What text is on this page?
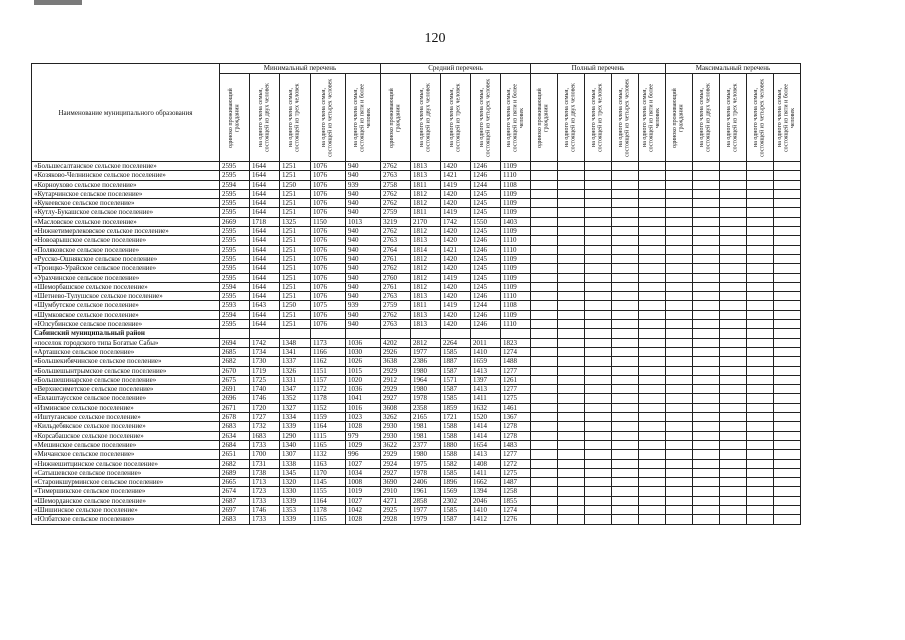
120
Наименование муниципального образования	Минимальный перечень					Средний перечень					Полный перечень					Максимальный перечень				

	одиноко проживающий гражданин	на одного члена семьи, состоящей из двух человек	на одного члена семьи, состоящей из трех человек	на одного члена семьи, состоящей из четырех человек	на одного члена семьи, состоящей из пяти и более человек	одиноко проживающий гражданин	на одного члена семьи, состоящей из двух человек	на одного члена семьи, состоящей из трех человек	на одного члена семьи, состоящей из четырех человек	на одного члена семьи, состоящей из пяти и более человек	одиноко проживающий гражданин	на одного члена семьи, состоящей из двух человек	на одного члена семьи, состоящей из трех человек	на одного члена семьи, состоящей из четырех человек	на одного члена семьи, состоящей из пяти и более человек	одиноко проживающий гражданин	на одного члена семьи, состоящей из двух человек	на одного члена семьи, состоящей из трех человек	на одного члена семьи, состоящей из четырех человек	на одного члена семьи, состоящей из пяти и более человек

«Большесалтанское сельское поселение»	2595	1644	1251	1076	940	2762	1813	1420	1246	1109										
«Козяково-Челнинское сельское поселение»	2595	1644	1251	1076	940	2763	1813	1421	1246	1110										
«Корноухово сельское поселение»	2594	1644	1250	1076	939	2758	1811	1419	1244	1108										
«Кутарчинское сельское поселение»	2595	1644	1251	1076	940	2762	1812	1420	1245	1109										
«Кукеевское сельское поселение»	2595	1644	1251	1076	940	2762	1812	1420	1245	1109										
«Кутлу-Букашское сельское поселение»	2595	1644	1251	1076	940	2759	1811	1419	1245	1109										
«Масловское сельское поселение»	2669	1718	1325	1150	1013	3219	2170	1742	1550	1403										
«Нижнетимерлековское сельское поселение»	2595	1644	1251	1076	940	2762	1812	1420	1245	1109										
«Новоарышское сельское поселение»	2595	1644	1251	1076	940	2763	1813	1420	1246	1110										
«Поляковское сельское поселение»	2595	1644	1251	1076	940	2764	1814	1421	1246	1110										
«Русско-Ошнякское сельское поселение»	2595	1644	1251	1076	940	2761	1812	1420	1245	1109										
«Троицко-Урайское сельское поселение»	2595	1644	1251	1076	940	2762	1812	1420	1245	1109										
«Урахчинское сельское поселение»	2595	1644	1251	1076	940	2760	1812	1419	1245	1109										
«Шеморбашское сельское поселение»	2594	1644	1251	1076	940	2761	1812	1420	1245	1109										
«Шетнево-Тулушское сельское поселение»	2595	1644	1251	1076	940	2763	1813	1420	1246	1110										
«Шумбутское сельское поселение»	2593	1643	1250	1075	939	2759	1811	1419	1244	1108										
«Шумковское сельское поселение»	2594	1644	1251	1076	940	2762	1813	1420	1246	1109										
«Юлсубинское сельское поселение»	2595	1644	1251	1076	940	2763	1813	1420	1246	1110										
Сабинский муниципальный район																				
«поселок городского типа Богатые Сабы»	2694	1742	1348	1173	1036	4202	2812	2264	2011	1823										
«Арташское сельское поселение»	2685	1734	1341	1166	1030	2926	1977	1585	1410	1274										
«Большекибячинское сельское поселение»	2682	1730	1337	1162	1026	3638	2386	1887	1659	1488										
«Большешынтрымское сельское поселение»	2670	1719	1326	1151	1015	2929	1980	1587	1413	1277										
«Большешинарское сельское поселение»	2675	1725	1331	1157	1020	2912	1964	1571	1397	1261										
«Верхнесиметское сельское поселение»	2691	1740	1347	1172	1036	2929	1980	1587	1413	1277										
«Евлаштаусское сельское поселение»	2696	1746	1352	1178	1041	2927	1978	1585	1411	1275										
«Изминское сельское поселение»	2671	1720	1327	1152	1016	3608	2358	1859	1632	1461										
«Иштуганское сельское поселение»	2678	1727	1334	1159	1023	3262	2165	1721	1520	1367										
«Кильдебякское сельское поселение»	2683	1732	1339	1164	1028	2930	1981	1588	1414	1278										
«Корсабашское сельское поселение»	2634	1683	1290	1115	979	2930	1981	1588	1414	1278										
«Мешинское сельское поселение»	2684	1733	1340	1165	1029	3622	2377	1880	1654	1483										
«Мичанское сельское поселение»	2651	1700	1307	1132	996	2929	1980	1588	1413	1277										
«Нижнешитцинское сельское поселение»	2682	1731	1338	1163	1027	2924	1975	1582	1408	1272										
«Сатышевское сельское поселение»	2689	1738	1345	1170	1034	2927	1978	1585	1411	1275										
«Староикшурминское сельское поселение»	2665	1713	1320	1145	1008	3690	2406	1896	1662	1487										
«Тимершикское сельское поселение»	2674	1723	1330	1155	1019	2910	1961	1569	1394	1258										
«Шеморданское сельское поселение»	2687	1733	1339	1164	1027	4271	2858	2302	2046	1855										
«Шишинское сельское поселение»	2697	1746	1353	1178	1042	2925	1977	1585	1410	1274										
«Юлбатское сельское поселение»	2683	1733	1339	1165	1028	2928	1979	1587	1412	1276										
